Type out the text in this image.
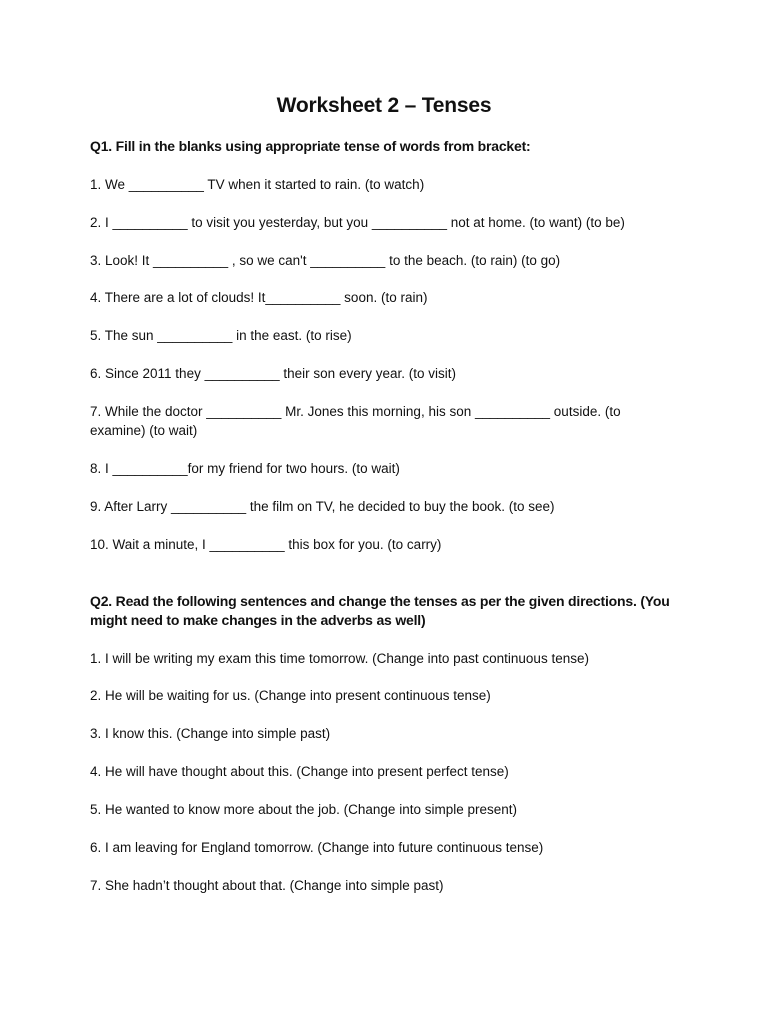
Worksheet 2 – Tenses
Q1. Fill in the blanks using appropriate tense of words from bracket:
1. We __________ TV when it started to rain. (to watch)
2. I __________ to visit you yesterday, but you __________ not at home. (to want) (to be)
3. Look! It __________ , so we can't __________ to the beach. (to rain) (to go)
4. There are a lot of clouds! It__________ soon. (to rain)
5. The sun __________ in the east. (to rise)
6. Since 2011 they __________ their son every year. (to visit)
7. While the doctor __________ Mr. Jones this morning, his son __________ outside. (to examine) (to wait)
8. I __________for my friend for two hours. (to wait)
9. After Larry __________ the film on TV, he decided to buy the book. (to see)
10. Wait a minute, I __________ this box for you. (to carry)
Q2. Read the following sentences and change the tenses as per the given directions. (You might need to make changes in the adverbs as well)
1. I will be writing my exam this time tomorrow. (Change into past continuous tense)
2. He will be waiting for us. (Change into present continuous tense)
3. I know this. (Change into simple past)
4. He will have thought about this. (Change into present perfect tense)
5. He wanted to know more about the job. (Change into simple present)
6. I am leaving for England tomorrow. (Change into future continuous tense)
7. She hadn’t thought about that. (Change into simple past)
